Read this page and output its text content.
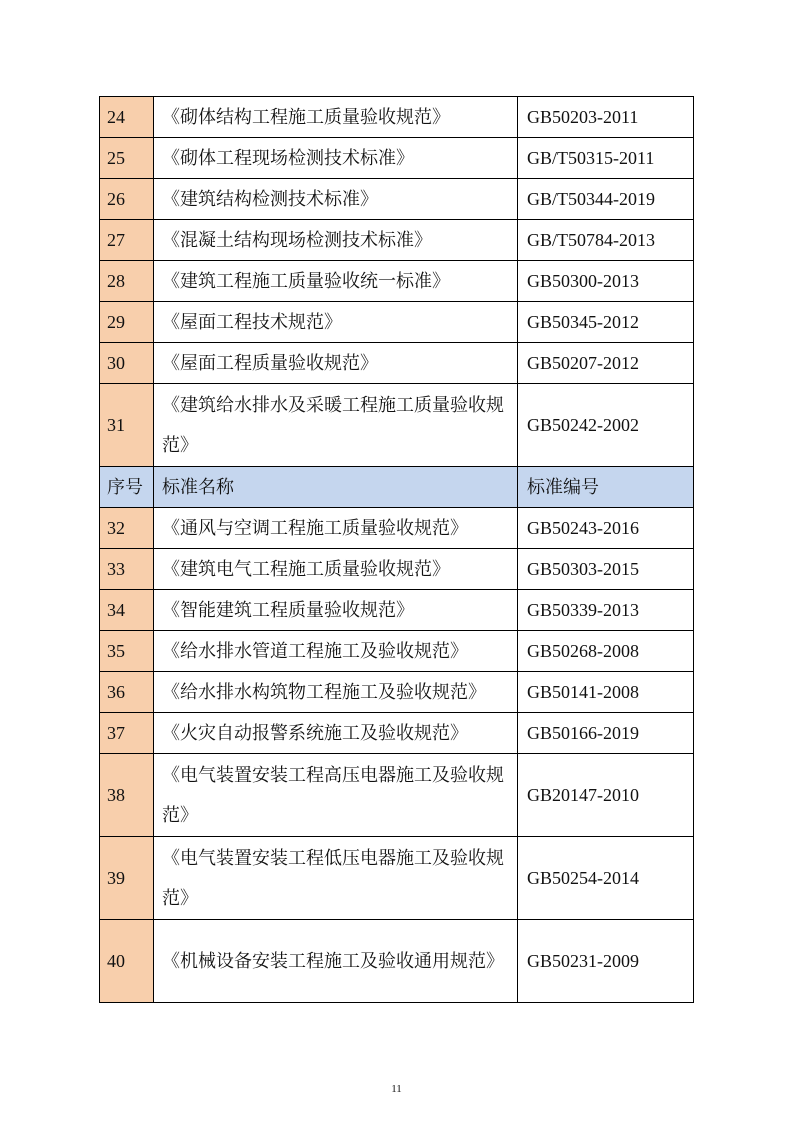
24	《砌体结构工程施工质量验收规范》	GB50203-2011
25	《砌体工程现场检测技术标准》	GB/T50315-2011
26	《建筑结构检测技术标准》	GB/T50344-2019
27	《混凝土结构现场检测技术标准》	GB/T50784-2013
28	《建筑工程施工质量验收统一标准》	GB50300-2013
29	《屋面工程技术规范》	GB50345-2012
30	《屋面工程质量验收规范》	GB50207-2012
31	《建筑给水排水及采暖工程施工质量验收规范》	GB50242-2002
序号	标准名称	标准编号
32	《通风与空调工程施工质量验收规范》	GB50243-2016
33	《建筑电气工程施工质量验收规范》	GB50303-2015
34	《智能建筑工程质量验收规范》	GB50339-2013
35	《给水排水管道工程施工及验收规范》	GB50268-2008
36	《给水排水构筑物工程施工及验收规范》	GB50141-2008
37	《火灾自动报警系统施工及验收规范》	GB50166-2019
38	《电气装置安装工程高压电器施工及验收规范》	GB20147-2010
39	《电气装置安装工程低压电器施工及验收规范》	GB50254-2014
40	《机械设备安装工程施工及验收通用规范》	GB50231-2009
11
